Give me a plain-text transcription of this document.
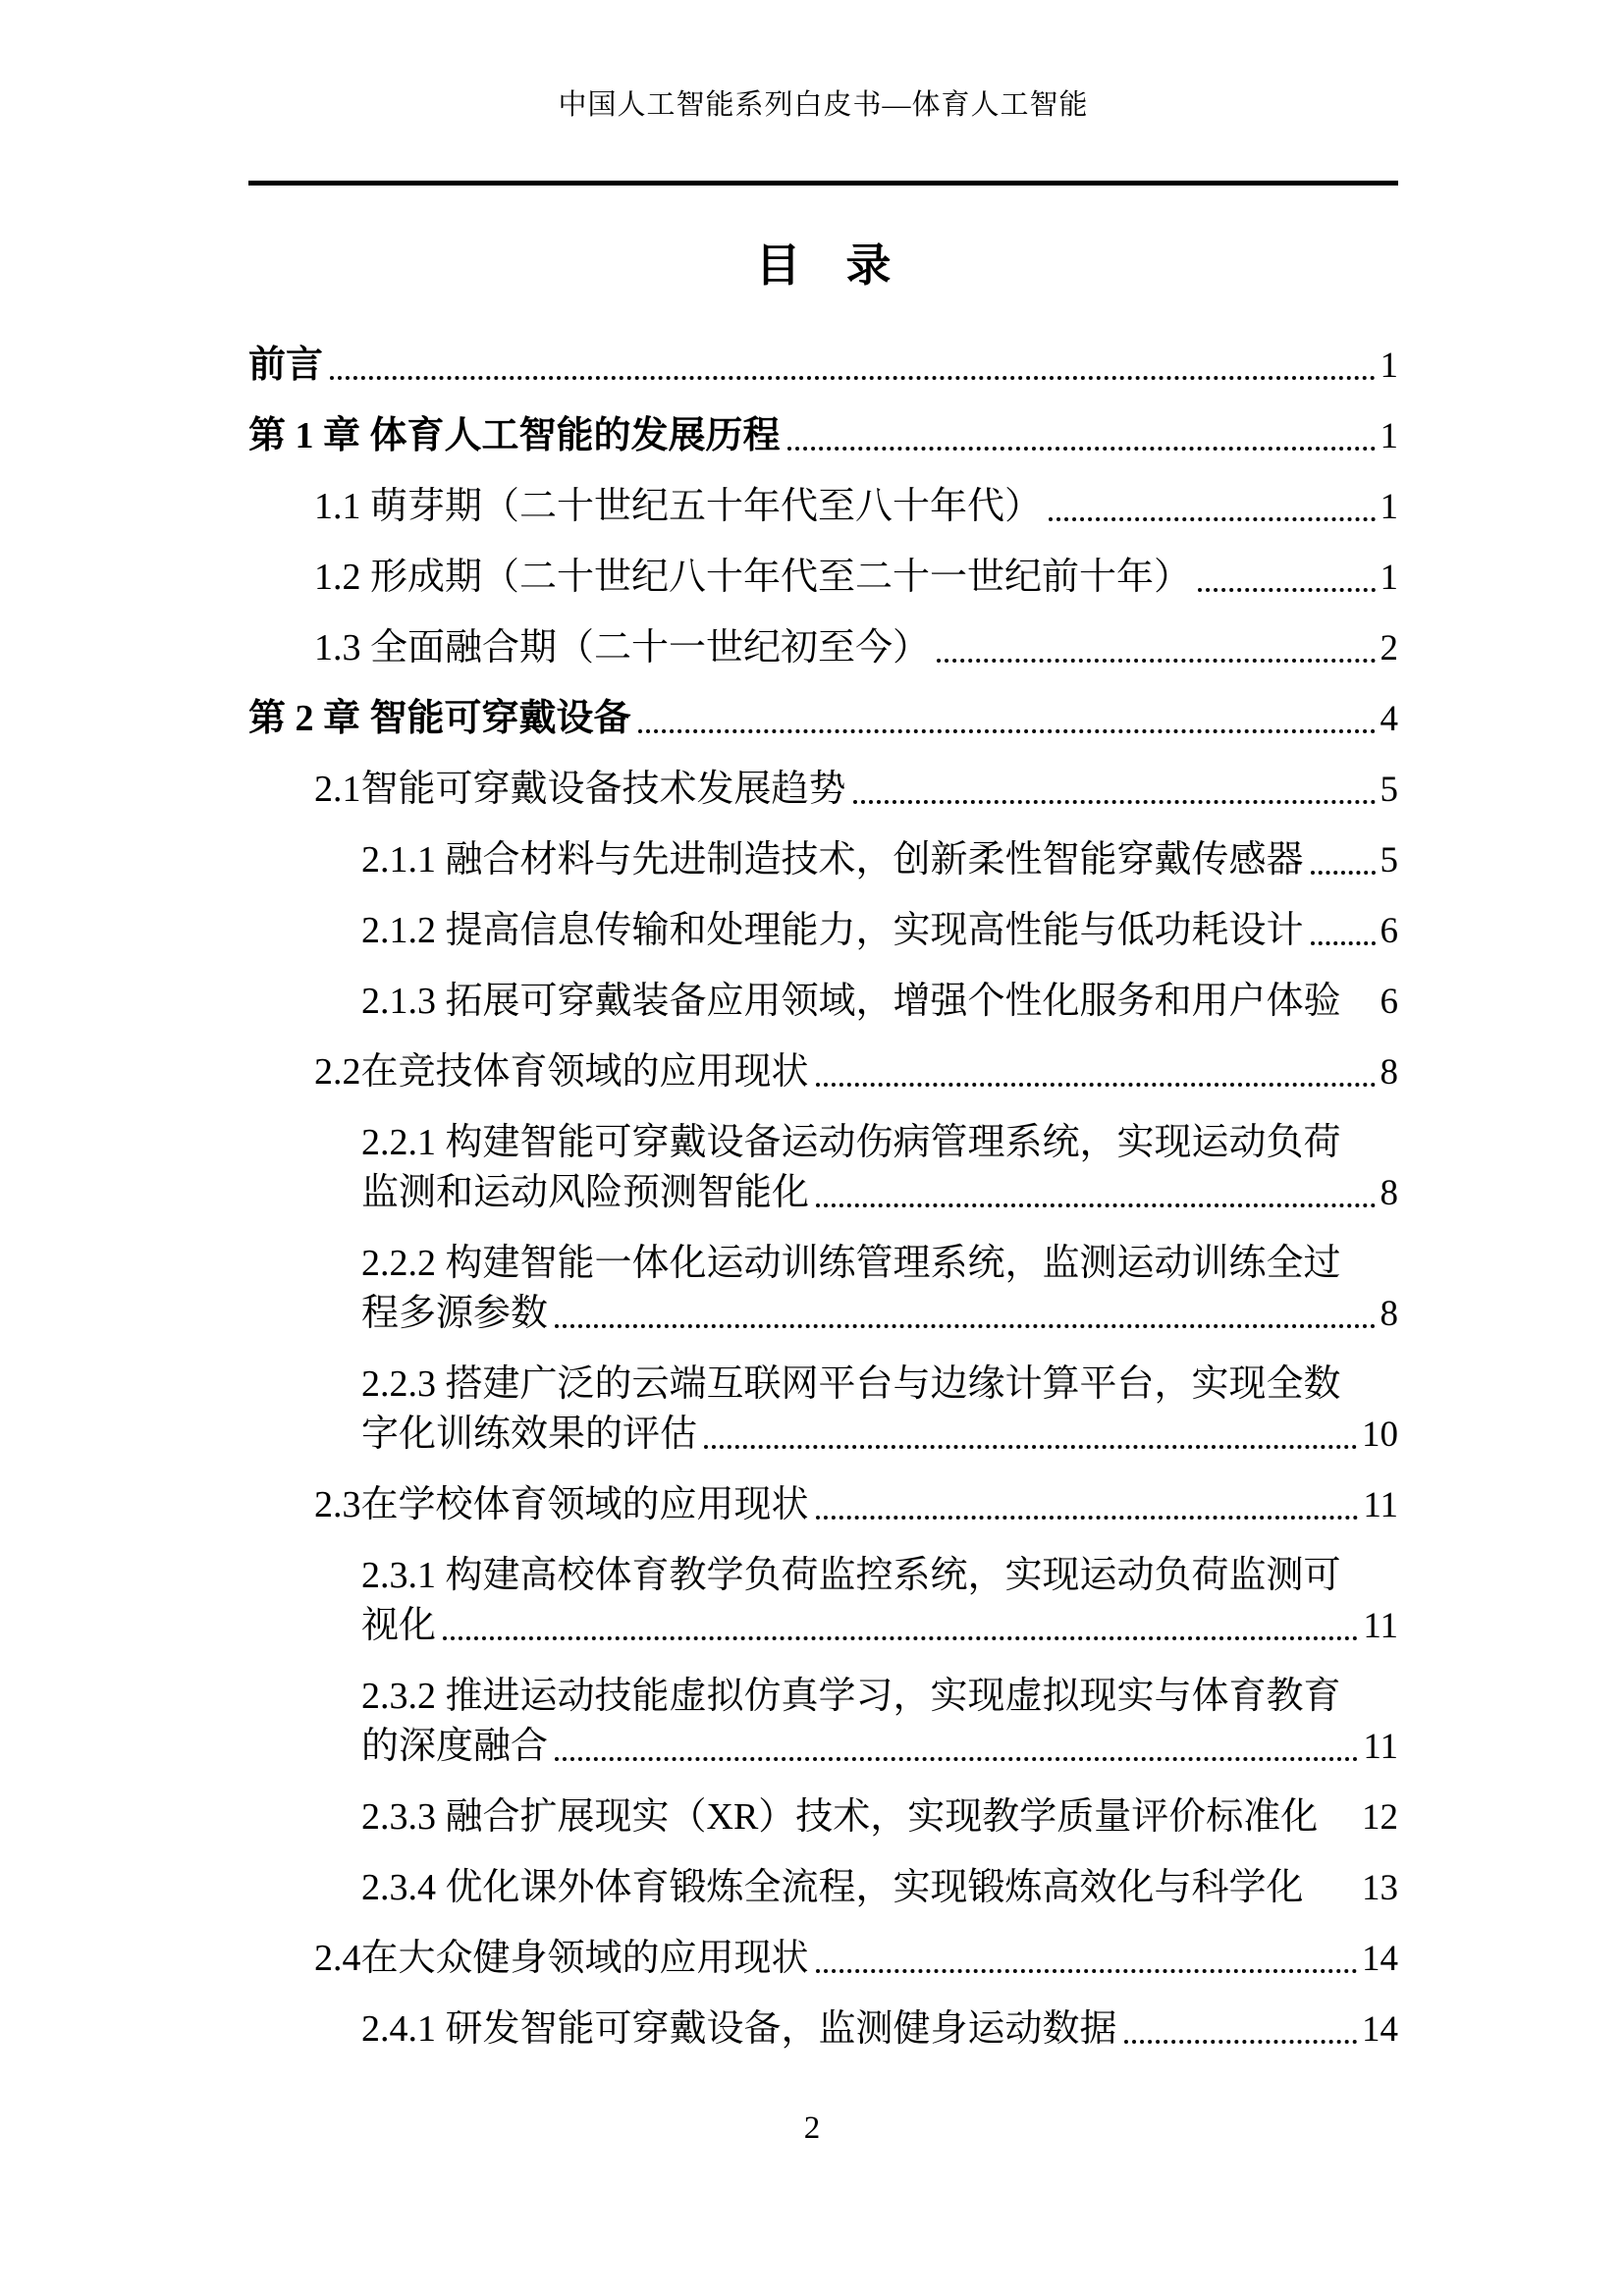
中国人工智能系列白皮书—体育人工智能
目　录
前言	1
第 1 章 体育人工智能的发展历程	1
1.1 萌芽期（二十世纪五十年代至八十年代）	1
1.2 形成期（二十世纪八十年代至二十一世纪前十年）	1
1.3 全面融合期（二十一世纪初至今）	2
第 2 章 智能可穿戴设备	4
2.1智能可穿戴设备技术发展趋势	5
2.1.1 融合材料与先进制造技术，创新柔性智能穿戴传感器 5
2.1.2 提高信息传输和处理能力，实现高性能与低功耗设计 6
2.1.3 拓展可穿戴装备应用领域，增强个性化服务和用户体验 6
2.2在竞技体育领域的应用现状	8
2.2.1 构建智能可穿戴设备运动伤病管理系统，实现运动负荷
监测和运动风险预测智能化	8
2.2.2 构建智能一体化运动训练管理系统，监测运动训练全过
程多源参数	8
2.2.3 搭建广泛的云端互联网平台与边缘计算平台，实现全数
字化训练效果的评估	10
2.3在学校体育领域的应用现状	11
2.3.1 构建高校体育教学负荷监控系统，实现运动负荷监测可
视化	11
2.3.2 推进运动技能虚拟仿真学习，实现虚拟现实与体育教育
的深度融合	11
2.3.3 融合扩展现实（XR）技术，实现教学质量评价标准化 12
2.3.4 优化课外体育锻炼全流程，实现锻炼高效化与科学化 13
2.4在大众健身领域的应用现状	14
2.4.1 研发智能可穿戴设备，监测健身运动数据	14
2
